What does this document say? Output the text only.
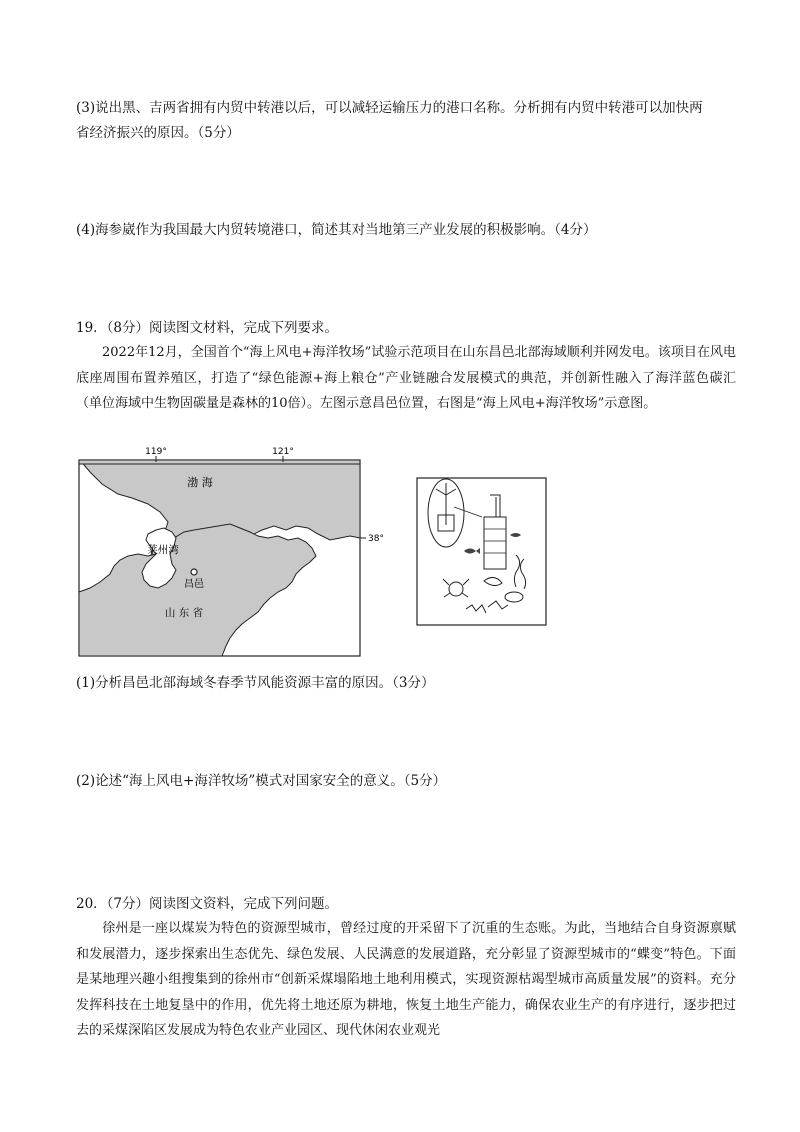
(3)说出黑、吉两省拥有内贸中转港以后，可以减轻运输压力的港口名称。分析拥有内贸中转港可以加快两
省经济振兴的原因。（5分）
(4)海参崴作为我国最大内贸转境港口，简述其对当地第三产业发展的积极影响。（4分）
19．（8分）阅读图文材料，完成下列要求。
2022年12月，全国首个“海上风电+海洋牧场”试验示范项目在山东昌邑北部海域顺利并网发电。该项目在风电底座周围布置养殖区，打造了“绿色能源+海上粮仓”产业链融合发展模式的典范，并创新性融入了海洋蓝色碳汇（单位海域中生物固碳量是森林的10倍）。左图示意昌邑位置，右图是“海上风电+海洋牧场”示意图。
莱州湾
渤 海
119°	121°
38°
昌邑
山 东 省
(1)分析昌邑北部海域冬春季节风能资源丰富的原因。（3分）
(2)论述“海上风电+海洋牧场”模式对国家安全的意义。（5分）
20．（7分）阅读图文资料，完成下列问题。
徐州是一座以煤炭为特色的资源型城市，曾经过度的开采留下了沉重的生态账。为此，当地结合自身资源禀赋和发展潜力，逐步探索出生态优先、绿色发展、人民满意的发展道路，充分彰显了资源型城市的“蝶变”特色。下面是某地理兴趣小组搜集到的徐州市“创新采煤塌陷地土地利用模式，实现资源枯竭型城市高质量发展”的资料。充分发挥科技在土地复垦中的作用，优先将土地还原为耕地，恢复土地生产能力，确保农业生产的有序进行，逐步把过去的采煤深陷区发展成为特色农业产业园区、现代休闲农业观光
